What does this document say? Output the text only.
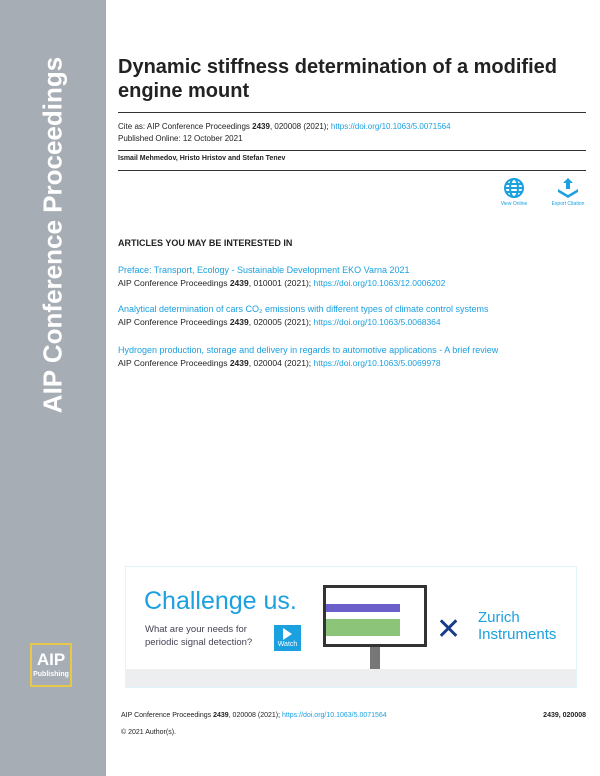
AIP Conference Proceedings
AIP
Publishing
Dynamic stiffness determination of a modified engine mount
Cite as: AIP Conference Proceedings 2439, 020008 (2021); https://doi.org/10.1063/5.0071564
Published Online: 12 October 2021
Ismail Mehmedov, Hristo Hristov and Stefan Tenev
View Online	Export Citation
ARTICLES YOU MAY BE INTERESTED IN
Preface: Transport, Ecology - Sustainable Development EKO Varna 2021
AIP Conference Proceedings 2439, 010001 (2021); https://doi.org/10.1063/12.0006202
Analytical determination of cars CO₂ emissions with different types of climate control systems
AIP Conference Proceedings 2439, 020005 (2021); https://doi.org/10.1063/5.0068364
Hydrogen production, storage and delivery in regards to automotive applications - A brief review
AIP Conference Proceedings 2439, 020004 (2021); https://doi.org/10.1063/5.0069978
Challenge us.
What are your needs for periodic signal detection?	Watch	✕ Zurich
Instruments
AIP Conference Proceedings 2439, 020008 (2021); https://doi.org/10.1063/5.0071564	2439, 020008
© 2021 Author(s).
